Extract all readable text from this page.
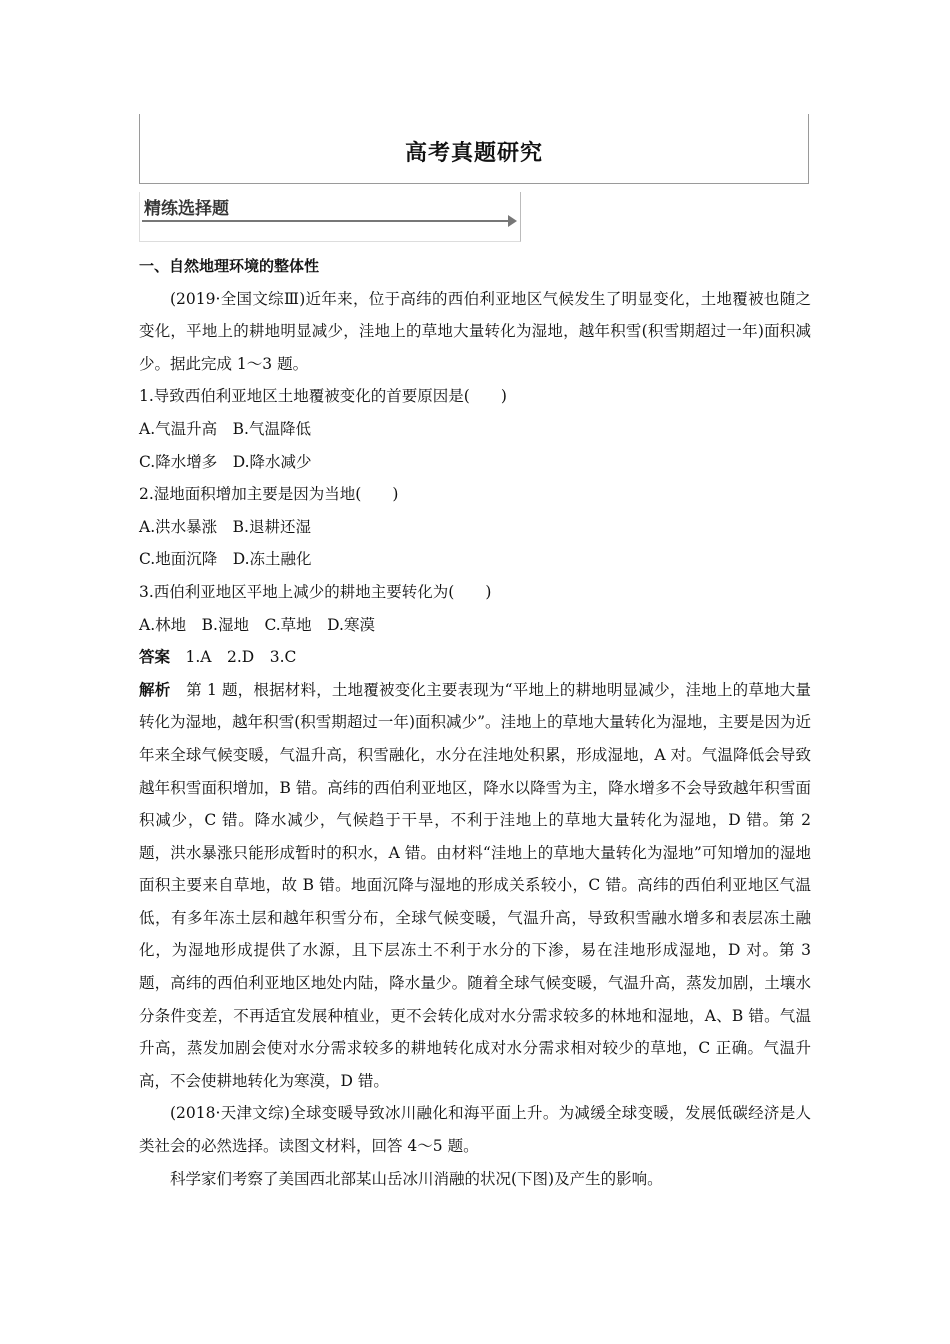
高考真题研究
精练选择题

一、自然地理环境的整体性

(2019·全国文综Ⅲ)近年来，位于高纬的西伯利亚地区气候发生了明显变化，土地覆被也随之变化，平地上的耕地明显减少，洼地上的草地大量转化为湿地，越年积雪(积雪期超过一年)面积减少。据此完成 1～3 题。

1.导致西伯利亚地区土地覆被变化的首要原因是(　　)

A.气温升高　B.气温降低

C.降水增多　D.降水减少

2.湿地面积增加主要是因为当地(　　)

A.洪水暴涨　B.退耕还湿

C.地面沉降　D.冻土融化

3.西伯利亚地区平地上减少的耕地主要转化为(　　)

A.林地　B.湿地　C.草地　D.寒漠

答案　1.A　2.D　3.C

解析　第 1 题，根据材料，土地覆被变化主要表现为“平地上的耕地明显减少，洼地上的草地大量转化为湿地，越年积雪(积雪期超过一年)面积减少”。洼地上的草地大量转化为湿地，主要是因为近年来全球气候变暖，气温升高，积雪融化，水分在洼地处积累，形成湿地，A 对。气温降低会导致越年积雪面积增加，B 错。高纬的西伯利亚地区，降水以降雪为主，降水增多不会导致越年积雪面积减少，C 错。降水减少，气候趋于干旱，不利于洼地上的草地大量转化为湿地，D 错。第 2 题，洪水暴涨只能形成暂时的积水，A 错。由材料“洼地上的草地大量转化为湿地”可知增加的湿地面积主要来自草地，故 B 错。地面沉降与湿地的形成关系较小，C 错。高纬的西伯利亚地区气温低，有多年冻土层和越年积雪分布，全球气候变暖，气温升高，导致积雪融水增多和表层冻土融化，为湿地形成提供了水源，且下层冻土不利于水分的下渗，易在洼地形成湿地，D 对。第 3 题，高纬的西伯利亚地区地处内陆，降水量少。随着全球气候变暖，气温升高，蒸发加剧，土壤水分条件变差，不再适宜发展种植业，更不会转化成对水分需求较多的林地和湿地，A、B 错。气温升高，蒸发加剧会使对水分需求较多的耕地转化成对水分需求相对较少的草地，C 正确。气温升高，不会使耕地转化为寒漠，D 错。

(2018·天津文综)全球变暖导致冰川融化和海平面上升。为减缓全球变暖，发展低碳经济是人类社会的必然选择。读图文材料，回答 4～5 题。

科学家们考察了美国西北部某山岳冰川消融的状况(下图)及产生的影响。
